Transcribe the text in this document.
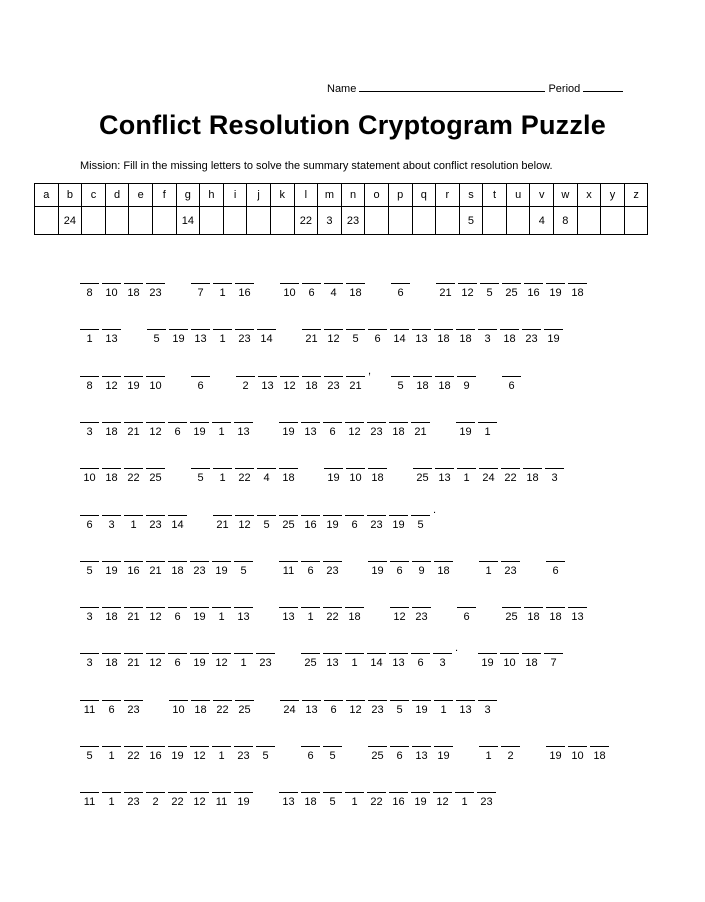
Name	Period
Conflict Resolution Cryptogram Puzzle
Mission: Fill in the missing letters to solve the summary statement about conflict resolution below.
a	b	c	d	e	f	g	h	i	j	k	l	m	n	o	p	q	r	s	t	u	v	w	x	y	z
	24					14					22	3	23					5			4	8			
8	10 18 23	7	1	16	10	6	4	18	6	21 12	5	25 16 19 18
1	13	5	19 13	1	23 14	21 12	5	6	14 13 18 18	3	18 23 19
8	12 19 10	6	2	13 12 18 23 21
,
5	18 18	9	6
3	18 21 12	6	19	1	13	19 13	6	12 23 18 21	19	1
10 18 22 25	5	1	22	4	18	19 10 18	25 13	1	24 22 18	3
6	3	1	23 14	21 12	5	25 16 19	6	23 19	5
.
5	19 16 21 18 23 19	5	11	6	23	19	6	9	18	1	23	6
3	18 21 12	6	19	1	13	13	1	22 18	12 23	6	25 18 18 13
3	18 21 12	6	19 12	1	23	25 13	1	14 13	6	3
.
19 10 18	7
11	6	23	10 18 22 25	24 13	6	12 23	5	19	1	13	3
5	1	22 16 19 12	1	23	5	6	5	25	6	13 19	1	2	19 10 18
11	1	23	2	22 12 11 19	13 18	5	1	22 16 19 12	1	23
